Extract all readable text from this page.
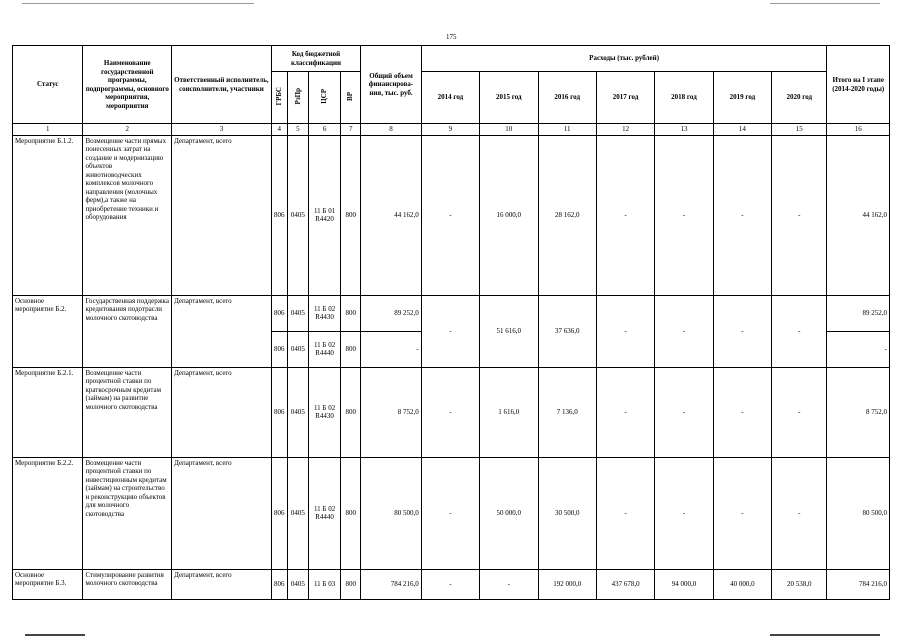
175
Статус	Наименование государственной программы, подпрограммы, основного мероприятия, мероприятия	Ответственный исполнитель, соисполнители, участники	Код бюджетной классификации				Общий объем финансирова-ния, тыс. руб.	Расходы (тыс. рублей)							Итого на I этапе (2014-2020 годы)
			ГРБС	РзПр	ЦСР	ВР		2014 год	2015 год	2016 год	2017 год	2018 год	2019 год	2020 год	
1	2	3	4	5	6	7	8	9	10	11	12	13	14	15	16
Мероприятие Б.1.2.	Возмещение части прямых понесенных затрат на создание и модернизацию объектов животноводческих комплексов молочного направления (молочных ферм),а также на приобретение техники и оборудования	Департамент, всего	806	0405	11 Б 01 R4420	800	44 162,0	-	16 000,0	28 162,0	-	-	-	-	44 162,0
Основное мероприятие Б.2.	Государственная поддержка кредитования подотрасли молочного скотоводства	Департамент, всего	806	0405	11 Б 02 R4430	800	89 252,0	-	51 616,0	37 636,0	-	-	-	-	89 252,0
			806	0405	11 Б 02 R4440	800	-								-
Мероприятие Б.2.1.	Возмещение части процентной ставки по краткосрочным кредитам (займам) на развитие молочного скотоводства	Департамент, всего	806	0405	11 Б 02 R4430	800	8 752,0	-	1 616,0	7 136,0	-	-	-	-	8 752,0
Мероприятие Б.2.2.	Возмещение части процентной ставки по инвестиционным кредитам (займам) на строительство и реконструкцию объектов для молочного скотоводства	Департамент, всего	806	0405	11 Б 02 R4440	800	80 500,0	-	50 000,0	30 500,0	-	-	-	-	80 500,0
Основное мероприятие Б.3.	Стимулирование развития молочного скотоводства	Департамент, всего	806	0405	11 Б 03	800	784 216,0	-	-	192 000,0	437 678,0	94 000,0	40 000,0	20 538,0	784 216,0
